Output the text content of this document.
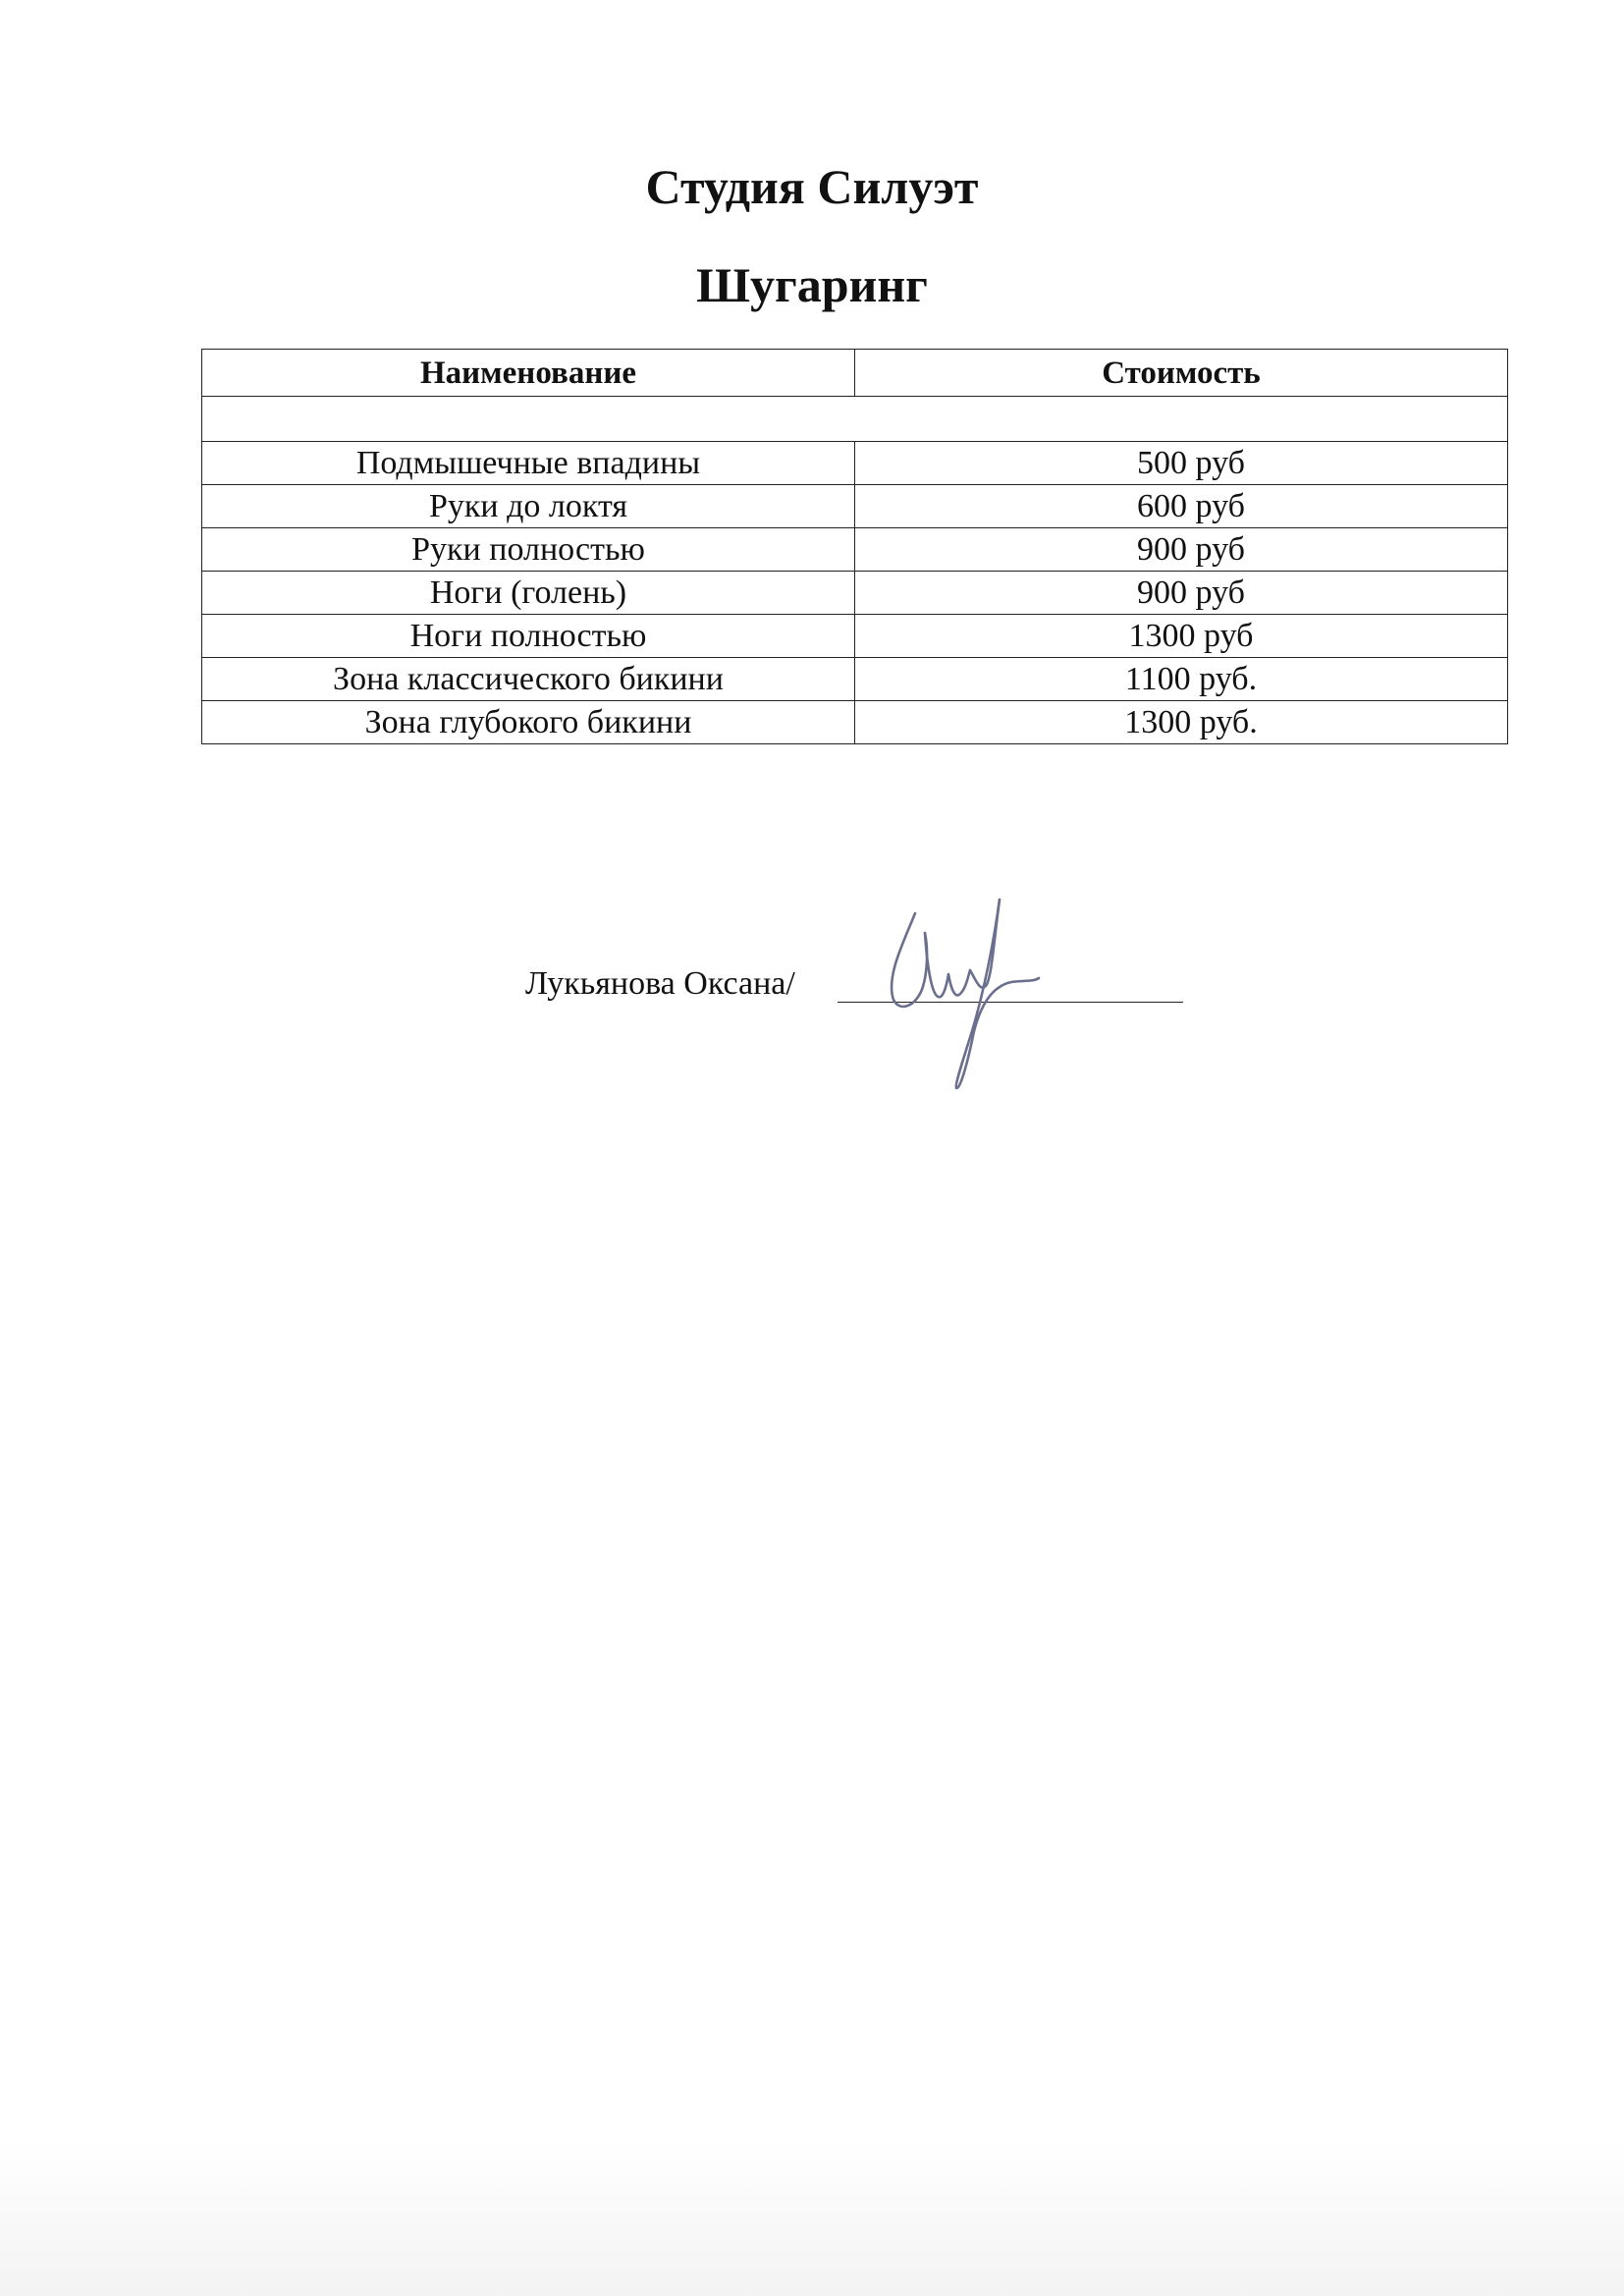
Студия Силуэт
Шугаринг
Наименование	Стоимость

Подмышечные впадины	500 руб
Руки до локтя	600 руб
Руки полностью	900 руб
Ноги (голень)	900 руб
Ноги полностью	1300 руб
Зона классического бикини	1100 руб.
Зона глубокого бикини	1300 руб.
Лукьянова Оксана/
